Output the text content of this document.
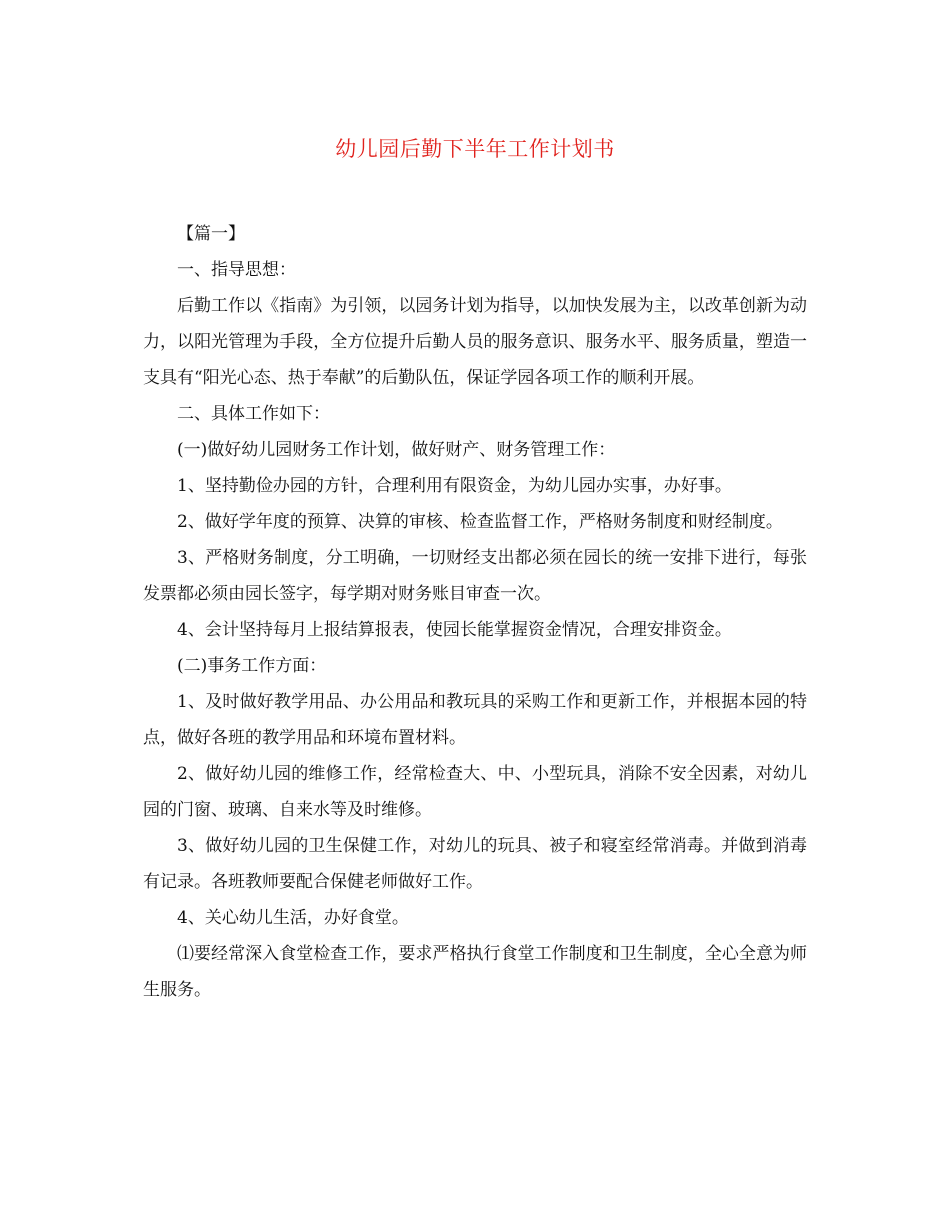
幼儿园后勤下半年工作计划书

【篇一】

一、指导思想：

后勤工作以《指南》为引领，以园务计划为指导，以加快发展为主，以改革创新为动力，以阳光管理为手段，全方位提升后勤人员的服务意识、服务水平、服务质量，塑造一支具有“阳光心态、热于奉献”的后勤队伍，保证学园各项工作的顺利开展。

二、具体工作如下：

(一)做好幼儿园财务工作计划，做好财产、财务管理工作：

1、坚持勤俭办园的方针，合理利用有限资金，为幼儿园办实事，办好事。

2、做好学年度的预算、决算的审核、检查监督工作，严格财务制度和财经制度。

3、严格财务制度，分工明确，一切财经支出都必须在园长的统一安排下进行，每张发票都必须由园长签字，每学期对财务账目审查一次。

4、会计坚持每月上报结算报表，使园长能掌握资金情况，合理安排资金。

(二)事务工作方面：

1、及时做好教学用品、办公用品和教玩具的采购工作和更新工作，并根据本园的特点，做好各班的教学用品和环境布置材料。

2、做好幼儿园的维修工作，经常检查大、中、小型玩具，消除不安全因素，对幼儿园的门窗、玻璃、自来水等及时维修。

3、做好幼儿园的卫生保健工作，对幼儿的玩具、被子和寝室经常消毒。并做到消毒有记录。各班教师要配合保健老师做好工作。

4、关心幼儿生活，办好食堂。

⑴要经常深入食堂检查工作，要求严格执行食堂工作制度和卫生制度，全心全意为师生服务。
